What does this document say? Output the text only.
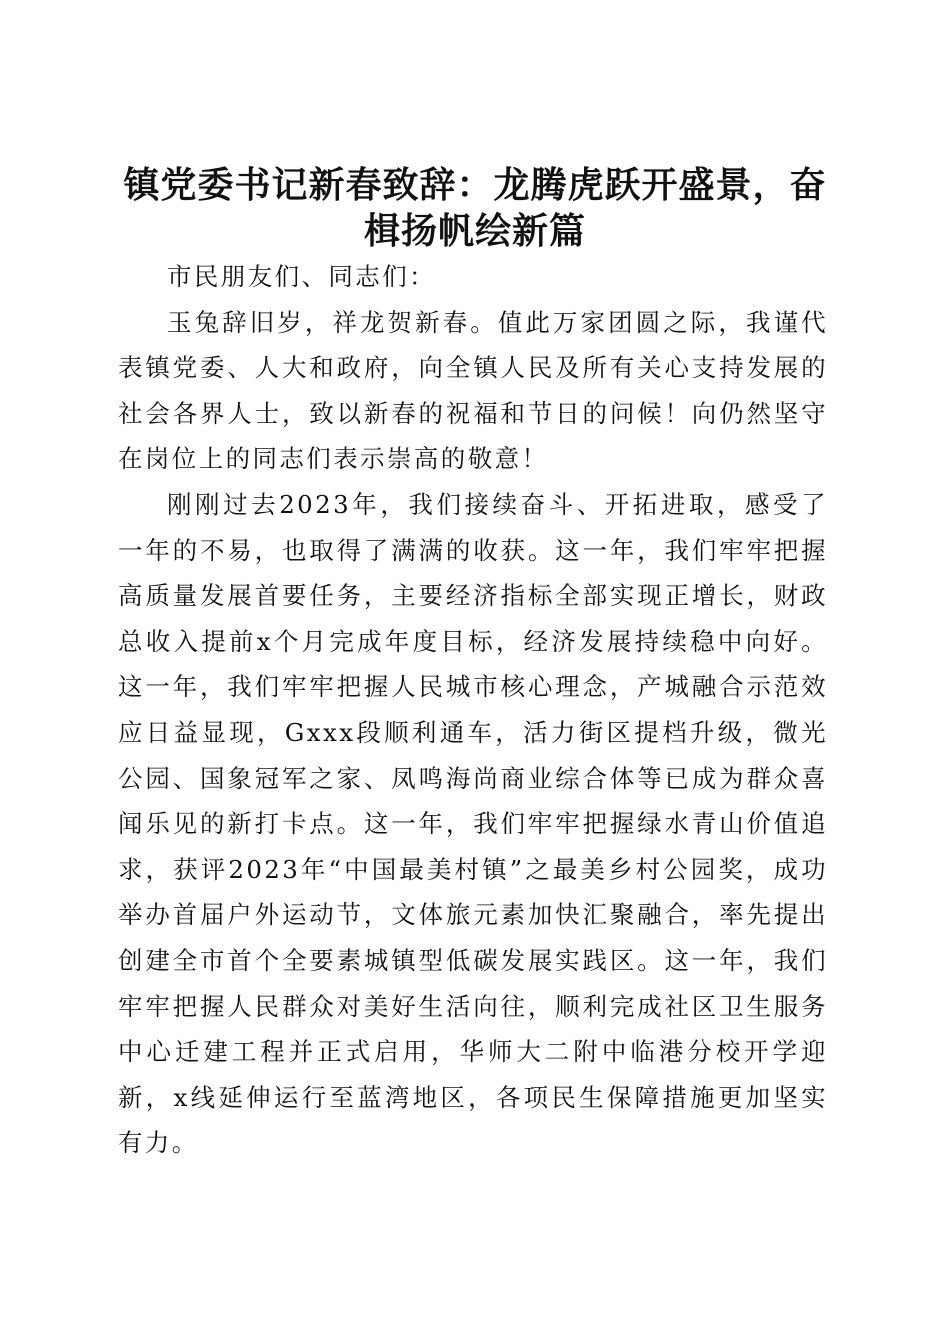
镇党委书记新春致辞：龙腾虎跃开盛景，奋楫扬帆绘新篇

市民朋友们、同志们：

玉兔辞旧岁，祥龙贺新春。值此万家团圆之际，我谨代表镇党委、人大和政府，向全镇人民及所有关心支持发展的社会各界人士，致以新春的祝福和节日的问候！向仍然坚守在岗位上的同志们表示崇高的敬意！

刚刚过去2023年，我们接续奋斗、开拓进取，感受了一年的不易，也取得了满满的收获。这一年，我们牢牢把握高质量发展首要任务，主要经济指标全部实现正增长，财政总收入提前x个月完成年度目标，经济发展持续稳中向好。这一年，我们牢牢把握人民城市核心理念，产城融合示范效应日益显现，Gxxx段顺利通车，活力街区提档升级，微光公园、国象冠军之家、凤鸣海尚商业综合体等已成为群众喜闻乐见的新打卡点。这一年，我们牢牢把握绿水青山价值追求，获评2023年“中国最美村镇”之最美乡村公园奖，成功举办首届户外运动节，文体旅元素加快汇聚融合，率先提出创建全市首个全要素城镇型低碳发展实践区。这一年，我们牢牢把握人民群众对美好生活向往，顺利完成社区卫生服务中心迁建工程并正式启用，华师大二附中临港分校开学迎新，x线延伸运行至蓝湾地区，各项民生保障措施更加坚实有力。
